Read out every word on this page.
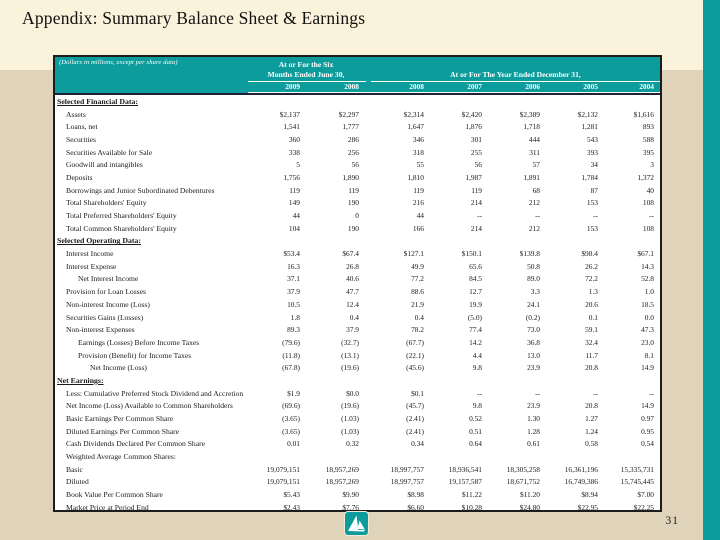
Appendix: Summary Balance Sheet & Earnings
(Dollars in millions, except per share data)	At or For the Six
Months Ended June 30,	At or For The Year Ended December 31,
2009	2008	2008	2007	2006	2005	2004
Selected Financial Data:
Assets	$2,137	$2,297	$2,314	$2,420	$2,389	$2,132	$1,616
Loans, net	1,541	1,777	1,647	1,876	1,718	1,281	893
Securities	360	286	346	301	444	543	588
Securities Available for Sale	338	256	318	255	311	393	395
Goodwill and intangibles	5	56	55	56	57	34	3
Deposits	1,756	1,890	1,810	1,987	1,891	1,784	1,372
Borrowings and Junior Subordinated Debentures	119	119	119	119	68	87	40
Total Shareholders' Equity	149	190	216	214	212	153	108
Total Preferred Shareholders' Equity	44	0	44	--	--	--	--
Total Common Shareholders' Equity	104	190	166	214	212	153	108
Selected Operating Data:
Interest Income	$53.4	$67.4	$127.1	$150.1	$139.8	$98.4	$67.1
Interest Expense	16.3	26.8	49.9	65.6	50.8	26.2	14.3
Net Interest Income	37.1	40.6	77.2	84.5	89.0	72.2	52.8
Provision for Loan Losses	37.9	47.7	88.6	12.7	3.3	1.3	1.0
Non-interest Income (Loss)	10.5	12.4	21.9	19.9	24.1	20.6	18.5
Securities Gains (Losses)	1.8	0.4	0.4	(5.0)	(0.2)	0.1	0.0
Non-interest Expenses	89.3	37.9	78.2	77.4	73.0	59.1	47.3
Earnings (Losses) Before Income Taxes	(79.6)	(32.7)	(67.7)	14.2	36.8	32.4	23.0
Provision (Benefit) for Income Taxes	(11.8)	(13.1)	(22.1)	4.4	13.0	11.7	8.1
Net Income (Loss)	(67.8)	(19.6)	(45.6)	9.8	23.9	20.8	14.9
Net Earnings:
Less: Cumulative Preferred Stock Dividend and Accretion	$1.9	$0.0	$0.1	--	--	--	--
Net Income (Loss) Available to Common Shareholders	(69.6)	(19.6)	(45.7)	9.8	23.9	20.8	14.9
Basic Earnings Per Common Share	(3.65)	(1.03)	(2.41)	0.52	1.30	1.27	0.97
Diluted Earnings Per Common Share	(3.65)	(1.03)	(2.41)	0.51	1.28	1.24	0.95
Cash Dividends Declared Per Common Share	0.01	0.32	0.34	0.64	0.61	0.58	0.54
Weighted Average Common Shares:
Basic	19,079,151	18,957,269	18,997,757	18,936,541	18,305,258	16,361,196	15,335,731
Diluted	19,079,151	18,957,269	18,997,757	19,157,587	18,671,752	16,749,386	15,745,445
Book Value Per Common Share	$5.43	$9.90	$8.98	$11.22	$11.20	$8.94	$7.00
Market Price at Period End	$2.43	$7.76	$6.60	$10.28	$24.80	$22.95	$22.25
31
